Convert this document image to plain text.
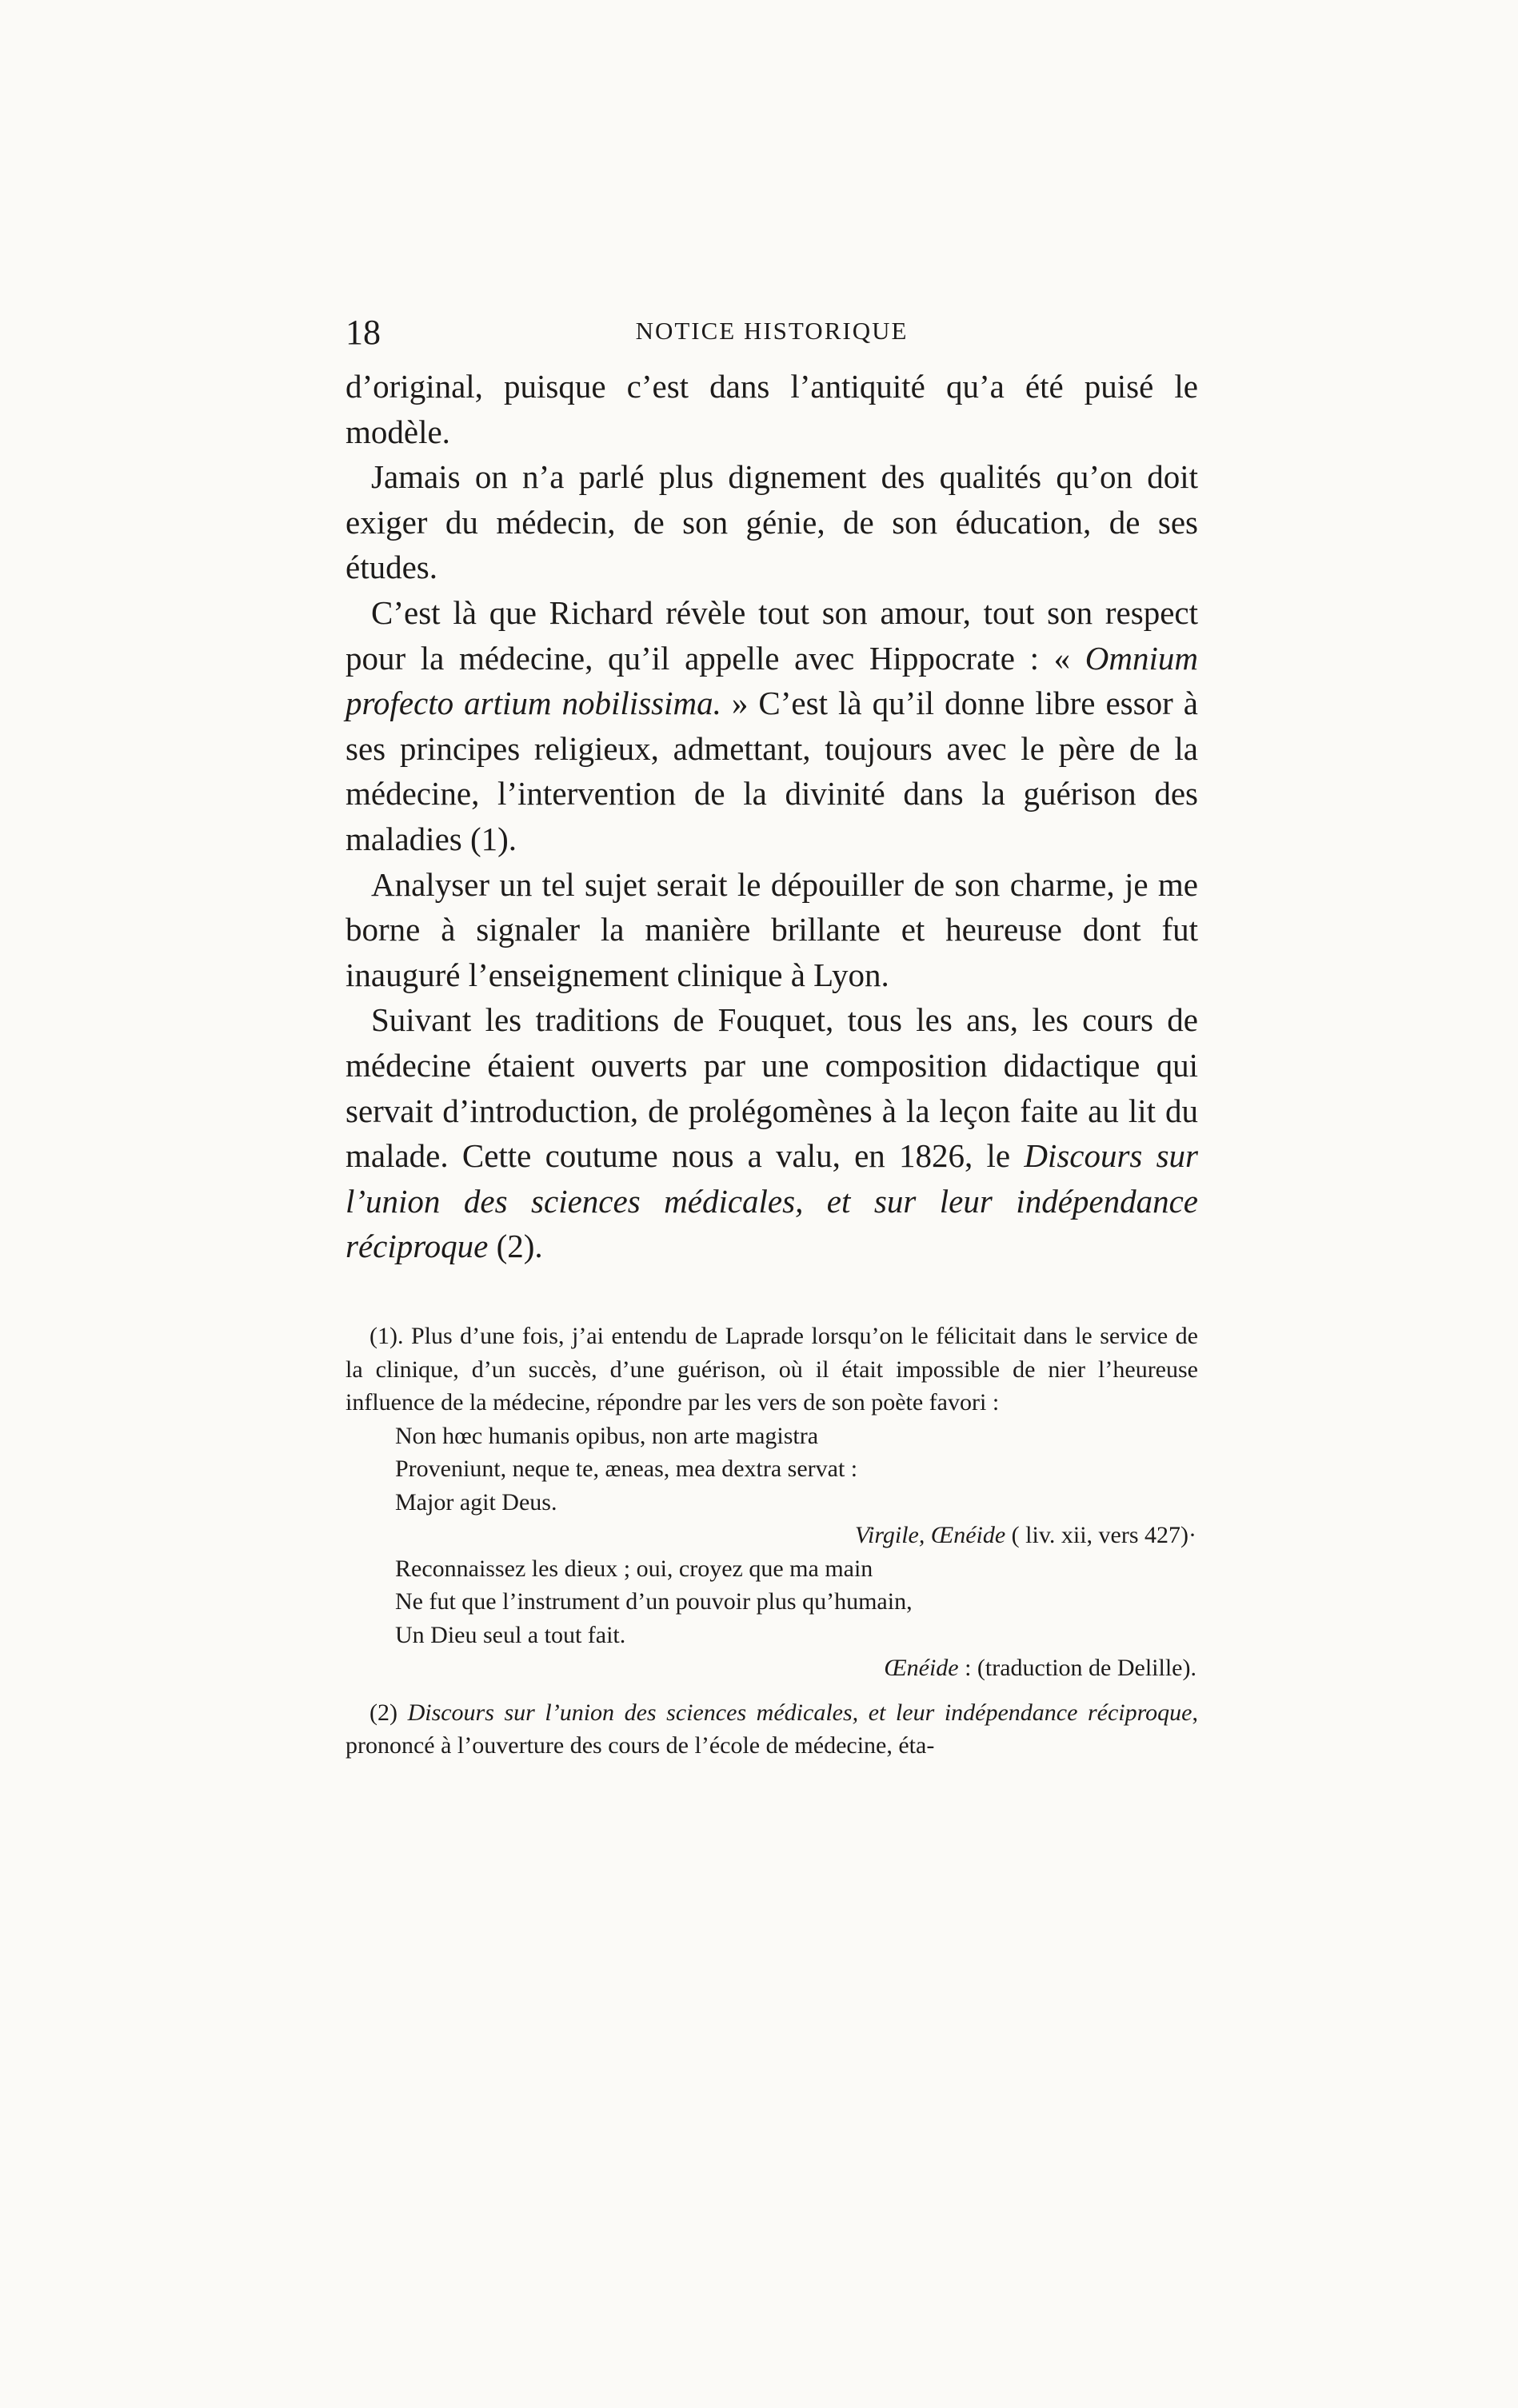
18	NOTICE HISTORIQUE

d’original, puisque c’est dans l’antiquité qu’a été puisé le modèle.

Jamais on n’a parlé plus dignement des qualités qu’on doit exiger du médecin, de son génie, de son éducation, de ses études.

C’est là que Richard révèle tout son amour, tout son respect pour la médecine, qu’il appelle avec Hippocrate : « Omnium profecto artium nobilissima. » C’est là qu’il donne libre essor à ses principes religieux, admettant, toujours avec le père de la médecine, l’intervention de la divinité dans la guérison des maladies (1).

Analyser un tel sujet serait le dépouiller de son charme, je me borne à signaler la manière brillante et heureuse dont fut inauguré l’enseignement clinique à Lyon.

Suivant les traditions de Fouquet, tous les ans, les cours de médecine étaient ouverts par une composition didactique qui servait d’introduction, de prolégomènes à la leçon faite au lit du malade. Cette coutume nous a valu, en 1826, le Discours sur l’union des sciences médicales, et sur leur indépendance réciproque (2).

(1). Plus d’une fois, j’ai entendu de Laprade lorsqu’on le félicitait dans le service de la clinique, d’un succès, d’une guérison, où il était impossible de nier l’heureuse influence de la médecine, répondre par les vers de son poète favori :

Non hœc humanis opibus, non arte magistra
Proveniunt, neque te, æneas, mea dextra servat :
Major agit Deus.
Virgile, Œnéide ( liv. xii, vers 427)·
Reconnaissez les dieux ; oui, croyez que ma main
Ne fut que l’instrument d’un pouvoir plus qu’humain,
Un Dieu seul a tout fait.
Œnéide : (traduction de Delille).

(2) Discours sur l’union des sciences médicales, et leur indépendance réciproque, prononcé à l’ouverture des cours de l’école de médecine, éta-
